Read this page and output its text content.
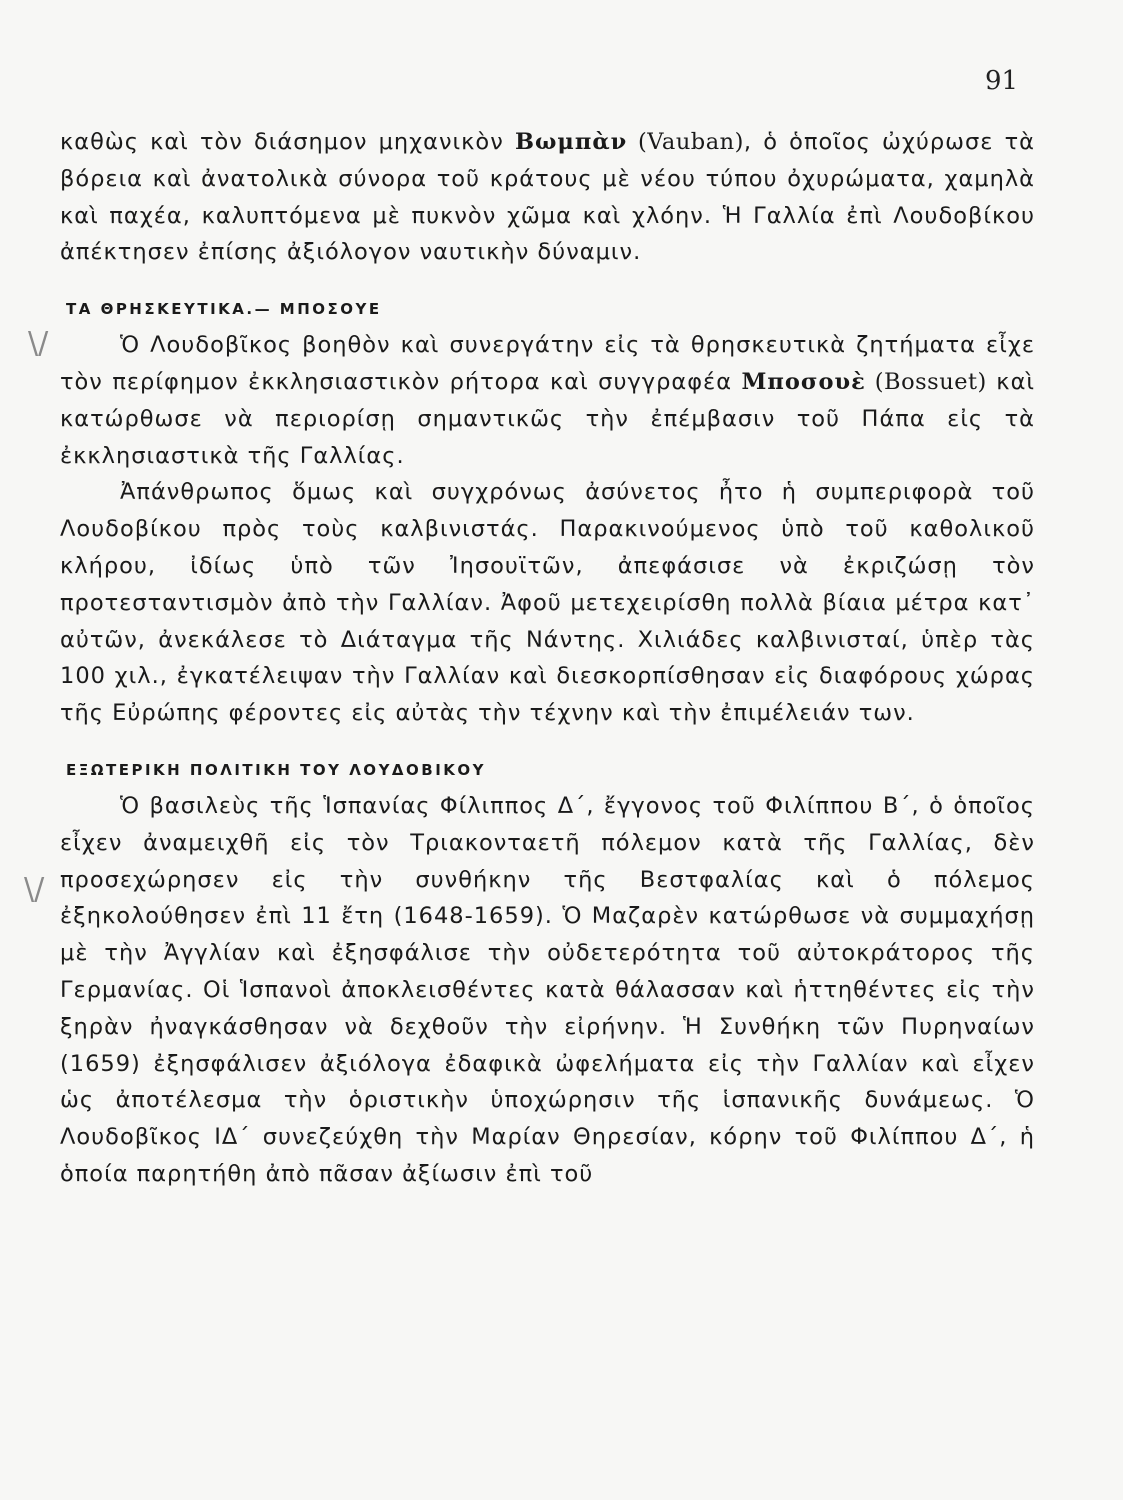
91
\/
\/

καθὼς καὶ τὸν διάσημον μηχανικὸν Βωμπὰν (Vauban), ὁ ὁποῖος ὠχύρωσε τὰ βόρεια καὶ ἀνατολικὰ σύνορα τοῦ κράτους μὲ νέου τύπου ὀχυρώματα, χαμηλὰ καὶ παχέα, καλυπτόμενα μὲ πυκνὸν χῶμα καὶ χλόην. Ἡ Γαλλία ἐπὶ Λουδοβίκου ἀπέκτησεν ἐπίσης ἀξιόλογον ναυτικὴν δύναμιν.

ΤΑ ΘΡΗΣΚΕΥΤΙΚΑ.— ΜΠΟΣΟΥΕ

Ὁ Λουδοβῖκος βοηθὸν καὶ συνεργάτην εἰς τὰ θρησκευτικὰ ζητήματα εἶχε τὸν περίφημον ἐκκλησιαστικὸν ρήτορα καὶ συγγραφέα Μποσουὲ (Bossuet) καὶ κατώρθωσε νὰ περιορίσῃ σημαντικῶς τὴν ἐπέμβασιν τοῦ Πάπα εἰς τὰ ἐκκλησιαστικὰ τῆς Γαλλίας.

Ἀπάνθρωπος ὅμως καὶ συγχρόνως ἀσύνετος ἦτο ἡ συμπεριφορὰ τοῦ Λουδοβίκου πρὸς τοὺς καλβινιστάς. Παρακινούμενος ὑπὸ τοῦ καθολικοῦ κλήρου, ἰδίως ὑπὸ τῶν Ἰησουϊτῶν, ἀπεφάσισε νὰ ἐκριζώσῃ τὸν προτεσταντισμὸν ἀπὸ τὴν Γαλλίαν. Ἀφοῦ μετεχειρίσθη πολλὰ βίαια μέτρα κατ᾽ αὐτῶν, ἀνεκάλεσε τὸ Διάταγμα τῆς Νάντης. Χιλιάδες καλβινισταί, ὑπὲρ τὰς 100 χιλ., ἐγκατέλειψαν τὴν Γαλλίαν καὶ διεσκορπίσθησαν εἰς διαφόρους χώρας τῆς Εὐρώπης φέροντες εἰς αὐτὰς τὴν τέχνην καὶ τὴν ἐπιμέλειάν των.

ΕΞΩΤΕΡΙΚΗ ΠΟΛΙΤΙΚΗ ΤΟΥ ΛΟΥΔΟΒΙΚΟΥ

Ὁ βασιλεὺς τῆς Ἱσπανίας Φίλιππος Δ΄, ἔγγονος τοῦ Φιλίππου Β΄, ὁ ὁποῖος εἶχεν ἀναμειχθῆ εἰς τὸν Τριακονταετῆ πόλεμον κατὰ τῆς Γαλλίας, δὲν προσεχώρησεν εἰς τὴν συνθήκην τῆς Βεστφαλίας καὶ ὁ πόλεμος ἐξηκολούθησεν ἐπὶ 11 ἔτη (1648-1659). Ὁ Μαζαρὲν κατώρθωσε νὰ συμμαχήσῃ μὲ τὴν Ἀγγλίαν καὶ ἐξησφάλισε τὴν οὐδετερότητα τοῦ αὐτοκράτορος τῆς Γερμανίας. Οἱ Ἱσπανοὶ ἀποκλεισθέντες κατὰ θάλασσαν καὶ ἡττηθέντες εἰς τὴν ξηρὰν ἠναγκάσθησαν νὰ δεχθοῦν τὴν εἰρήνην. Ἡ Συνθήκη τῶν Πυρηναίων (1659) ἐξησφάλισεν ἀξιόλογα ἐδαφικὰ ὠφελήματα εἰς τὴν Γαλλίαν καὶ εἶχεν ὡς ἀποτέλεσμα τὴν ὁριστικὴν ὑποχώρησιν τῆς ἱσπανικῆς δυνάμεως. Ὁ Λουδοβῖκος ΙΔ΄ συνεζεύχθη τὴν Μαρίαν Θηρεσίαν, κόρην τοῦ Φιλίππου Δ΄, ἡ ὁποία παρητήθη ἀπὸ πᾶσαν ἀξίωσιν ἐπὶ τοῦ
